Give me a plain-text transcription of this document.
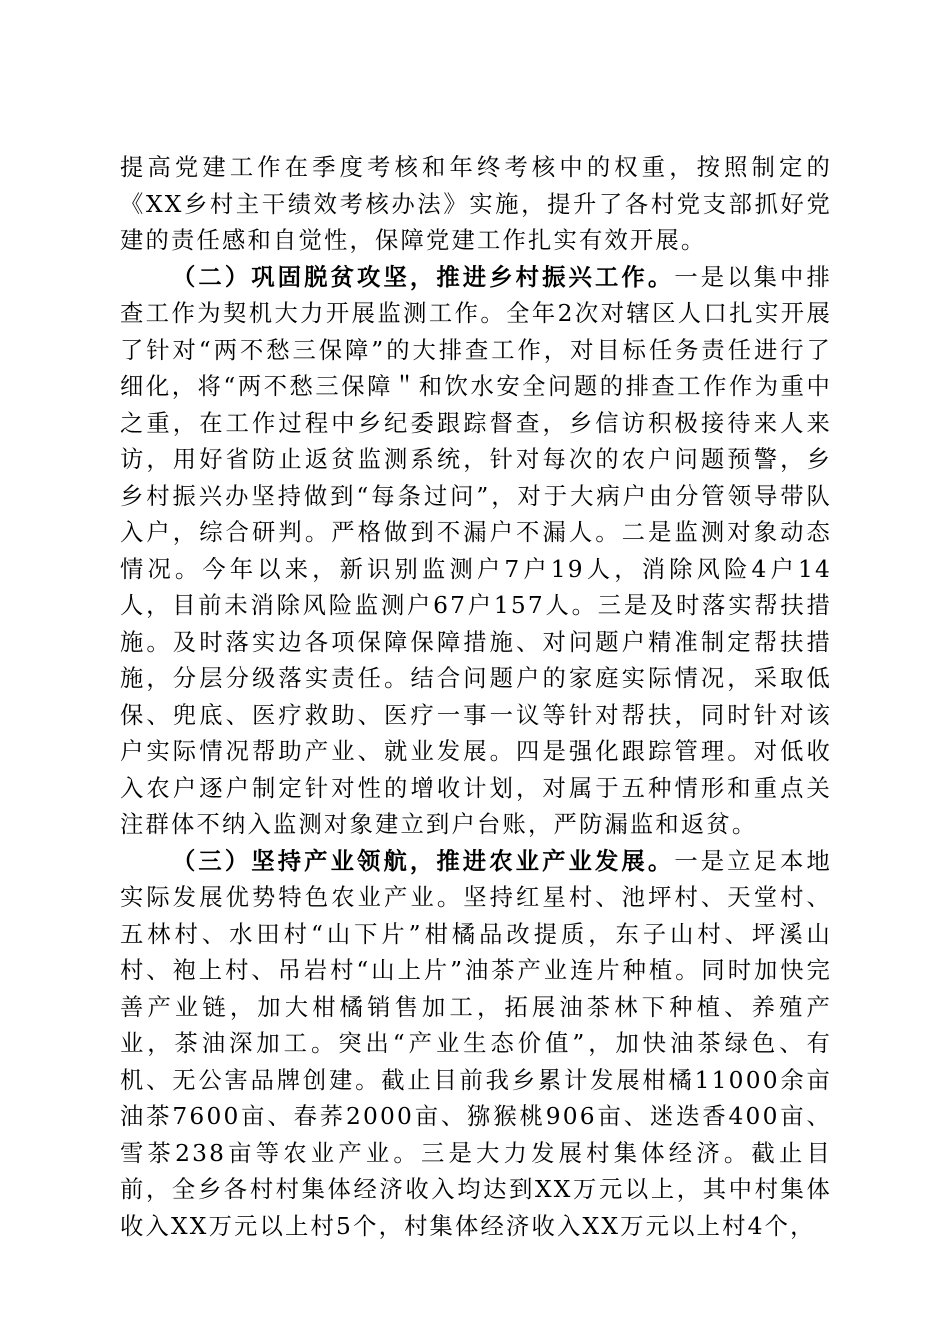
提高党建工作在季度考核和年终考核中的权重，按照制定的《XX乡村主干绩效考核办法》实施，提升了各村党支部抓好党建的责任感和自觉性，保障党建工作扎实有效开展。

（二）巩固脱贫攻坚，推进乡村振兴工作。一是以集中排查工作为契机大力开展监测工作。全年2次对辖区人口扎实开展了针对“两不愁三保障”的大排查工作，对目标任务责任进行了细化，将“两不愁三保障＂和饮水安全问题的排查工作作为重中之重，在工作过程中乡纪委跟踪督查，乡信访积极接待来人来访，用好省防止返贫监测系统，针对每次的农户问题预警，乡乡村振兴办坚持做到“每条过问”，对于大病户由分管领导带队入户，综合研判。严格做到不漏户不漏人。二是监测对象动态情况。今年以来，新识别监测户7户19人，消除风险4户14人，目前未消除风险监测户67户157人。三是及时落实帮扶措施。及时落实边各项保障保障措施、对问题户精准制定帮扶措施，分层分级落实责任。结合问题户的家庭实际情况，采取低保、兜底、医疗救助、医疗一事一议等针对帮扶，同时针对该户实际情况帮助产业、就业发展。四是强化跟踪管理。对低收入农户逐户制定针对性的增收计划，对属于五种情形和重点关注群体不纳入监测对象建立到户台账，严防漏监和返贫。

（三）坚持产业领航，推进农业产业发展。一是立足本地实际发展优势特色农业产业。坚持红星村、池坪村、天堂村、五林村、水田村“山下片”柑橘品改提质，东子山村、坪溪山村、袍上村、吊岩村“山上片”油茶产业连片种植。同时加快完善产业链，加大柑橘销售加工，拓展油茶林下种植、养殖产业，茶油深加工。突出“产业生态价值”，加快油茶绿色、有机、无公害品牌创建。截止目前我乡累计发展柑橘11000余亩油茶7600亩、春荞2000亩、猕猴桃906亩、迷迭香400亩、雪茶238亩等农业产业。三是大力发展村集体经济。截止目前，全乡各村村集体经济收入均达到XX万元以上，其中村集体收入XX万元以上村5个，村集体经济收入XX万元以上村4个，
